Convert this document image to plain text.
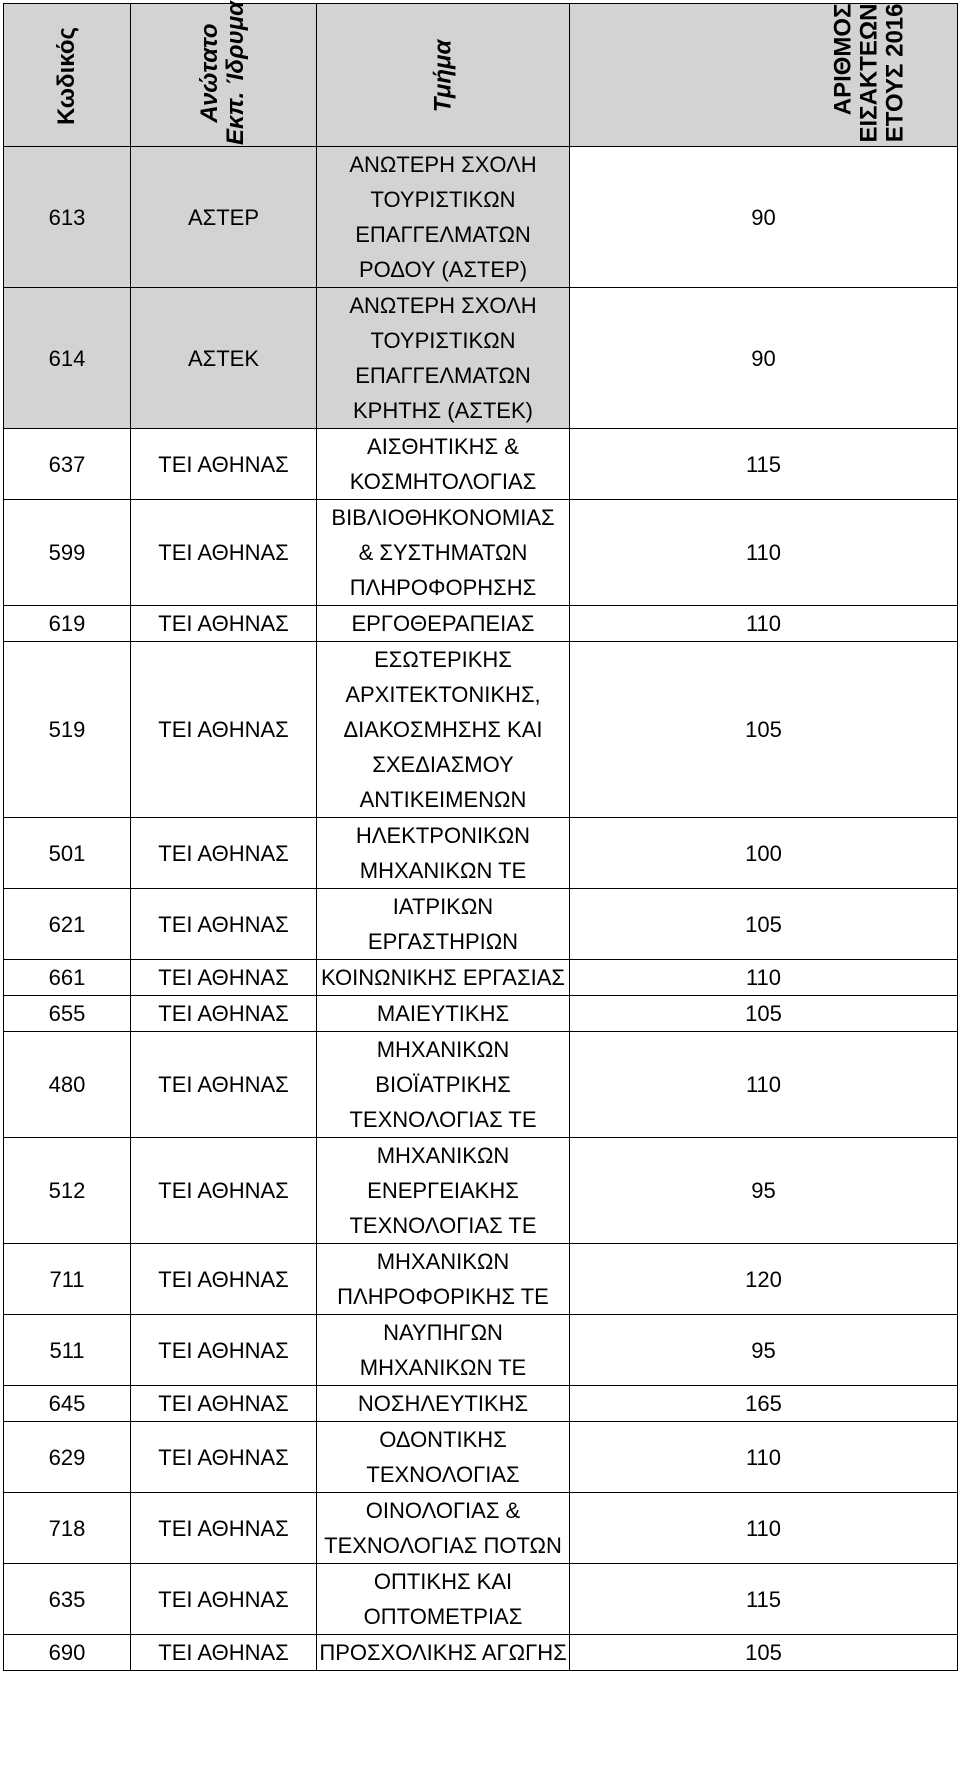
Κωδικός	Ανώτατο
Εκπ. Ίδρυμα	Τμήμα	ΑΡΙΘΜΟΣ
ΕΙΣΑΚΤΕΩΝ
ΕΤΟΥΣ 2016
613	ΑΣΤΕΡ	ΑΝΩΤΕΡΗ ΣΧΟΛΗ
ΤΟΥΡΙΣΤΙΚΩΝ
ΕΠΑΓΓΕΛΜΑΤΩΝ
ΡΟΔΟΥ (ΑΣΤΕΡ)	90
614	ΑΣΤΕΚ	ΑΝΩΤΕΡΗ ΣΧΟΛΗ
ΤΟΥΡΙΣΤΙΚΩΝ
ΕΠΑΓΓΕΛΜΑΤΩΝ
ΚΡΗΤΗΣ (ΑΣΤΕΚ)	90
637	ΤΕΙ ΑΘΗΝΑΣ	ΑΙΣΘΗΤΙΚΗΣ &
ΚΟΣΜΗΤΟΛΟΓΙΑΣ	115
599	ΤΕΙ ΑΘΗΝΑΣ	ΒΙΒΛΙΟΘΗΚΟΝΟΜΙΑΣ
& ΣΥΣΤΗΜΑΤΩΝ
ΠΛΗΡΟΦΟΡΗΣΗΣ	110
619	ΤΕΙ ΑΘΗΝΑΣ	ΕΡΓΟΘΕΡΑΠΕΙΑΣ	110
519	ΤΕΙ ΑΘΗΝΑΣ	ΕΣΩΤΕΡΙΚΗΣ
ΑΡΧΙΤΕΚΤΟΝΙΚΗΣ,
ΔΙΑΚΟΣΜΗΣΗΣ ΚΑΙ
ΣΧΕΔΙΑΣΜΟΥ
ΑΝΤΙΚΕΙΜΕΝΩΝ	105
501	ΤΕΙ ΑΘΗΝΑΣ	ΗΛΕΚΤΡΟΝΙΚΩΝ
ΜΗΧΑΝΙΚΩΝ ΤΕ	100
621	ΤΕΙ ΑΘΗΝΑΣ	ΙΑΤΡΙΚΩΝ
ΕΡΓΑΣΤΗΡΙΩΝ	105
661	ΤΕΙ ΑΘΗΝΑΣ	ΚΟΙΝΩΝΙΚΗΣ ΕΡΓΑΣΙΑΣ	110
655	ΤΕΙ ΑΘΗΝΑΣ	ΜΑΙΕΥΤΙΚΗΣ	105
480	ΤΕΙ ΑΘΗΝΑΣ	ΜΗΧΑΝΙΚΩΝ
ΒΙΟΪΑΤΡΙΚΗΣ
ΤΕΧΝΟΛΟΓΙΑΣ ΤΕ	110
512	ΤΕΙ ΑΘΗΝΑΣ	ΜΗΧΑΝΙΚΩΝ
ΕΝΕΡΓΕΙΑΚΗΣ
ΤΕΧΝΟΛΟΓΙΑΣ ΤΕ	95
711	ΤΕΙ ΑΘΗΝΑΣ	ΜΗΧΑΝΙΚΩΝ
ΠΛΗΡΟΦΟΡΙΚΗΣ ΤΕ	120
511	ΤΕΙ ΑΘΗΝΑΣ	ΝΑΥΠΗΓΩΝ
ΜΗΧΑΝΙΚΩΝ ΤΕ	95
645	ΤΕΙ ΑΘΗΝΑΣ	ΝΟΣΗΛΕΥΤΙΚΗΣ	165
629	ΤΕΙ ΑΘΗΝΑΣ	ΟΔΟΝΤΙΚΗΣ
ΤΕΧΝΟΛΟΓΙΑΣ	110
718	ΤΕΙ ΑΘΗΝΑΣ	ΟΙΝΟΛΟΓΙΑΣ &
ΤΕΧΝΟΛΟΓΙΑΣ ΠΟΤΩΝ	110
635	ΤΕΙ ΑΘΗΝΑΣ	ΟΠΤΙΚΗΣ ΚΑΙ
ΟΠΤΟΜΕΤΡΙΑΣ	115
690	ΤΕΙ ΑΘΗΝΑΣ	ΠΡΟΣΧΟΛΙΚΗΣ ΑΓΩΓΗΣ	105
